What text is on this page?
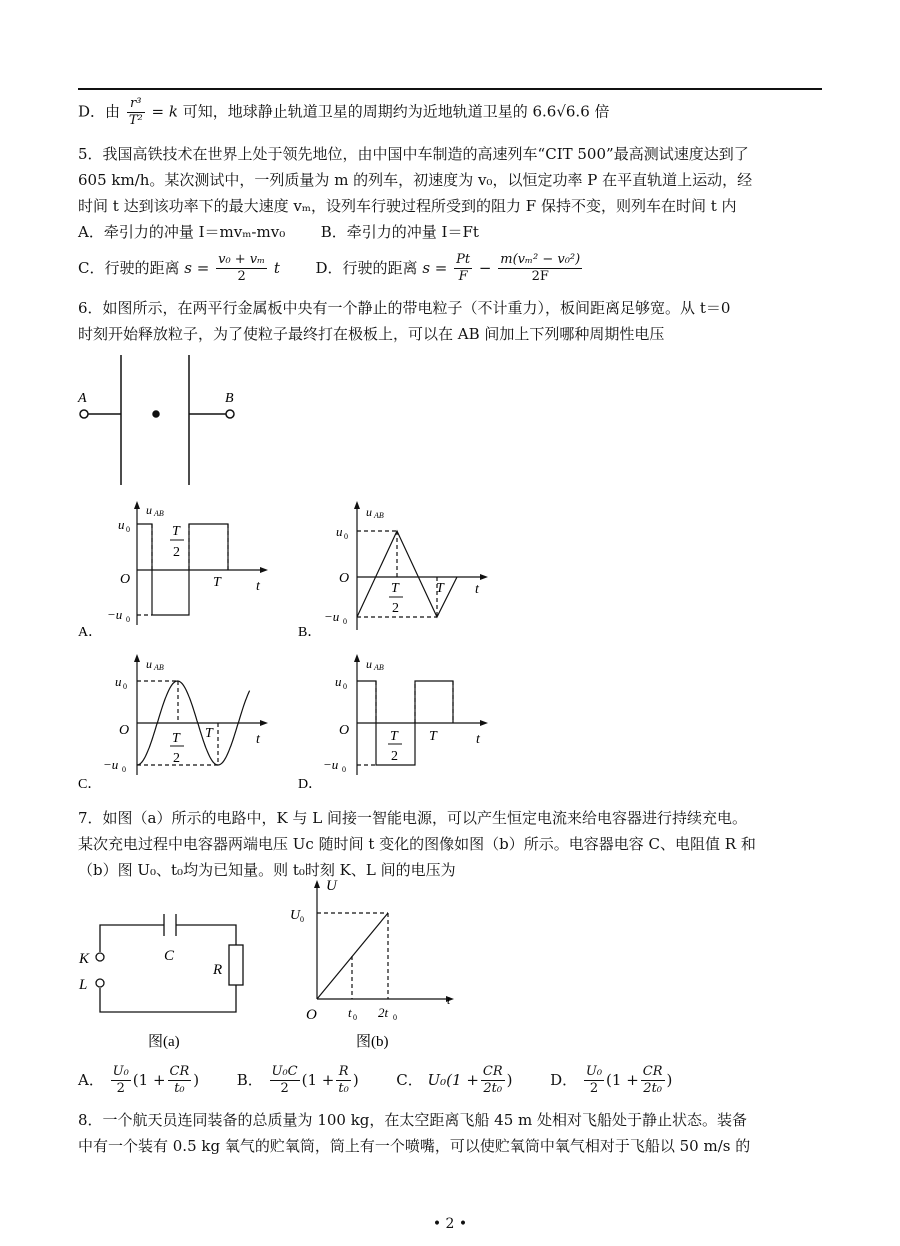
D．由 $\frac{\text{r³}}{\text{T²}} = k$ 可知，地球静止轨道卫星的周期约为近地轨道卫星的 6.6√6.6 倍
5．我国高铁技术在世界上处于领先地位，由中国中车制造的高速列车“CIT 500”最高测试速度达到了
605 km/h。某次测试中，一列质量为 m 的列车，初速度为 v₀，以恒定功率 P 在平直轨道上运动，经
时间 t 达到该功率下的最大速度 vₘ，设列车行驶过程所受到的阻力 F 保持不变，则列车在时间 t 内
A．牵引力的冲量 I＝mvₘ-mv₀ B．牵引力的冲量 I＝Ft
C．行驶的距离 $s = \frac{\text{v₀ + vₘ}}{2}$ t D．行驶的距离 $s = \frac{Pt}{F} - \frac{\text{m(vₘ² − v₀²)}}{2F}$
6．如图所示，在两平行金属板中央有一个静止的带电粒子（不计重力），板间距离足够宽。从 t＝0
时刻开始释放粒子，为了使粒子最终打在极板上，可以在 AB 间加上下列哪种周期性电压
A	B
u AB
u 0
−u 0
O
T
2
T	t
A．
u AB
u 0
−u 0
O
T
2
T t
B．
u AB
u 0
−u 0
O
T
2
T	t
C．
u AB
u 0
−u 0
O	T
2
T	t
D．
K
L
C
R
图(a)
U
U 0
O
t
t 0 2t 0
图(b)
7．如图（a）所示的电路中，K 与 L 间接一智能电源，可以产生恒定电流来给电容器进行持续充电。
某次充电过程中电容器两端电压 Uc 随时间 t 变化的图像如图（b）所示。电容器电容 C、电阻值 R 和
（b）图 U₀、t₀均为已知量。则 t₀时刻 K、L 间的电压为
A． $\frac{\text{U₀}}{2} (1 + \frac{CR}{\text{t₀}}$ )	B． $\frac{\text{U₀C}}{2} (1 + \frac{R}{\text{t₀}}$ )	C． $U_0(1 + \frac{CR}{\text{2t₀}}$ )	D． $\frac{\text{U₀}}{2} (1 + \frac{CR}{\text{2t₀}}$ )
8．一个航天员连同装备的总质量为 100 kg，在太空距离飞船 45 m 处相对飞船处于静止状态。装备
中有一个装有 0.5 kg 氧气的贮氧筒，筒上有一个喷嘴，可以使贮氧筒中氧气相对于飞船以 50 m/s 的
• 2 •
